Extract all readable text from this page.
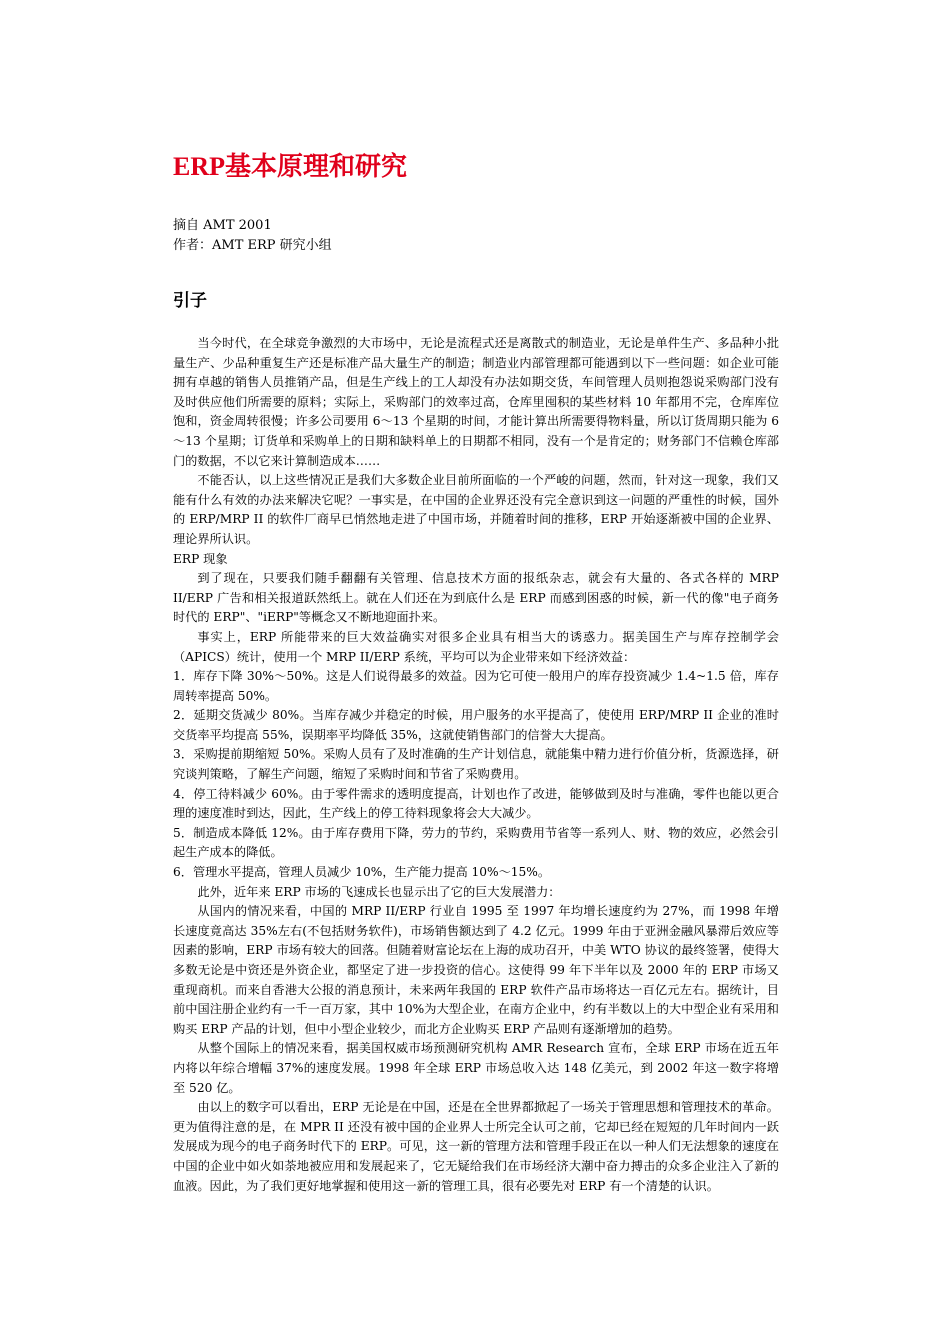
ERP基本原理和研究
摘自 AMT 2001
作者：AMT ERP 研究小组
引子

当今时代，在全球竞争激烈的大市场中，无论是流程式还是离散式的制造业，无论是单件生产、多品种小批量生产、少品种重复生产还是标准产品大量生产的制造；制造业内部管理都可能遇到以下一些问题：如企业可能拥有卓越的销售人员推销产品，但是生产线上的工人却没有办法如期交货，车间管理人员则抱怨说采购部门没有及时供应他们所需要的原料；实际上，采购部门的效率过高，仓库里囤积的某些材料 10 年都用不完，仓库库位饱和，资金周转很慢；许多公司要用 6～13 个星期的时间，才能计算出所需要得物料量，所以订货周期只能为 6～13 个星期；订货单和采购单上的日期和缺料单上的日期都不相同，没有一个是肯定的；财务部门不信赖仓库部门的数据，不以它来计算制造成本……

不能否认，以上这些情况正是我们大多数企业目前所面临的一个严峻的问题，然而，针对这一现象，我们又能有什么有效的办法来解决它呢？一事实是，在中国的企业界还没有完全意识到这一问题的严重性的时候，国外的 ERP/MRP II 的软件厂商早已悄然地走进了中国市场，并随着时间的推移，ERP 开始逐渐被中国的企业界、理论界所认识。

ERP 现象

到了现在，只要我们随手翻翻有关管理、信息技术方面的报纸杂志，就会有大量的、各式各样的 MRP II/ERP 广告和相关报道跃然纸上。就在人们还在为到底什么是 ERP 而感到困惑的时候，新一代的像"电子商务时代的 ERP"、"iERP"等概念又不断地迎面扑来。

事实上，ERP 所能带来的巨大效益确实对很多企业具有相当大的诱惑力。据美国生产与库存控制学会（APICS）统计，使用一个 MRP II/ERP 系统，平均可以为企业带来如下经济效益：

1．库存下降 30%～50%。这是人们说得最多的效益。因为它可使一般用户的库存投资减少 1.4~1.5 倍，库存周转率提高 50%。

2．延期交货减少 80%。当库存减少并稳定的时候，用户服务的水平提高了，使使用 ERP/MRP II 企业的准时交货率平均提高 55%，误期率平均降低 35%，这就使销售部门的信誉大大提高。

3．采购提前期缩短 50%。采购人员有了及时准确的生产计划信息，就能集中精力进行价值分析，货源选择，研究谈判策略，了解生产问题，缩短了采购时间和节省了采购费用。

4．停工待料减少 60%。由于零件需求的透明度提高，计划也作了改进，能够做到及时与准确，零件也能以更合理的速度准时到达，因此，生产线上的停工待料现象将会大大减少。

5．制造成本降低 12%。由于库存费用下降，劳力的节约，采购费用节省等一系列人、财、物的效应，必然会引起生产成本的降低。

6．管理水平提高，管理人员减少 10%，生产能力提高 10%～15%。

此外，近年来 ERP 市场的飞速成长也显示出了它的巨大发展潜力：

从国内的情况来看，中国的 MRP II/ERP 行业自 1995 至 1997 年均增长速度约为 27%，而 1998 年增长速度竟高达 35%左右(不包括财务软件)，市场销售额达到了 4.2 亿元。1999 年由于亚洲金融风暴滞后效应等因素的影响，ERP 市场有较大的回落。但随着财富论坛在上海的成功召开，中美 WTO 协议的最终签署，使得大多数无论是中资还是外资企业，都坚定了进一步投资的信心。这使得 99 年下半年以及 2000 年的 ERP 市场又重现商机。而来自香港大公报的消息预计，未来两年我国的 ERP 软件产品市场将达一百亿元左右。据统计，目前中国注册企业约有一千一百万家，其中 10%为大型企业，在南方企业中，约有半数以上的大中型企业有采用和购买 ERP 产品的计划，但中小型企业较少，而北方企业购买 ERP 产品则有逐渐增加的趋势。

从整个国际上的情况来看，据美国权威市场预测研究机构 AMR Research 宣布，全球 ERP 市场在近五年内将以年综合增幅 37%的速度发展。1998 年全球 ERP 市场总收入达 148 亿美元，到 2002 年这一数字将增至 520 亿。

由以上的数字可以看出，ERP 无论是在中国，还是在全世界都掀起了一场关于管理思想和管理技术的革命。更为值得注意的是，在 MPR II 还没有被中国的企业界人士所完全认可之前，它却已经在短短的几年时间内一跃发展成为现今的电子商务时代下的 ERP。可见，这一新的管理方法和管理手段正在以一种人们无法想象的速度在中国的企业中如火如荼地被应用和发展起来了，它无疑给我们在市场经济大潮中奋力搏击的众多企业注入了新的血液。因此，为了我们更好地掌握和使用这一新的管理工具，很有必要先对 ERP 有一个清楚的认识。
